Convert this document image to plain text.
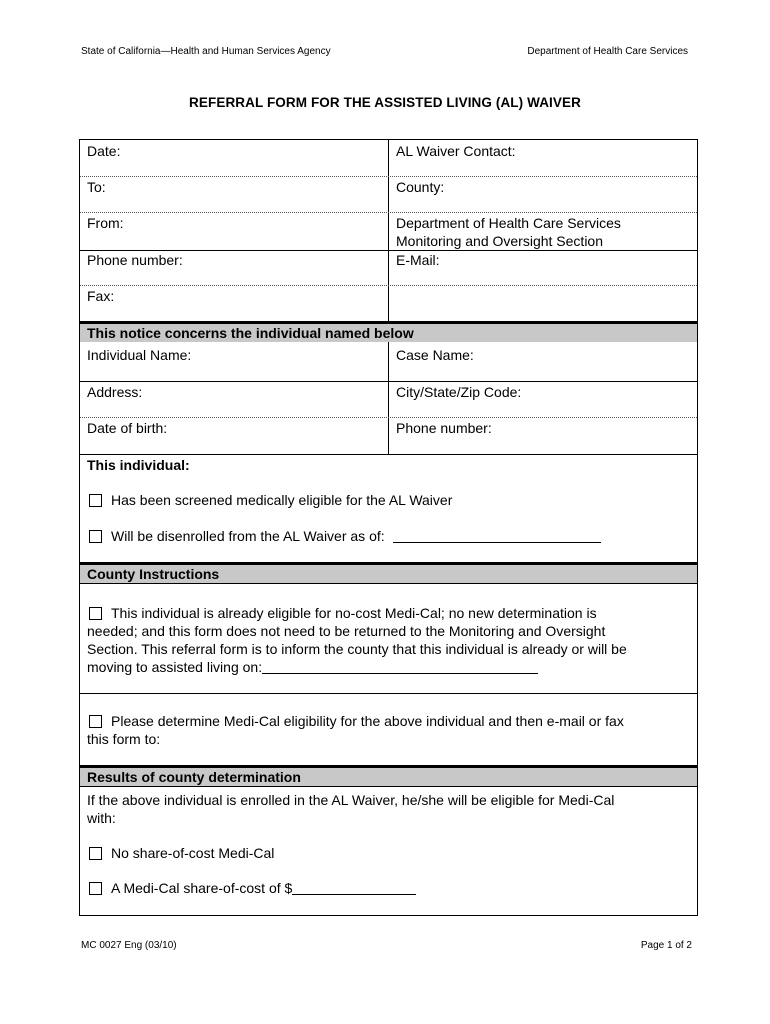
State of California—Health and Human Services Agency	Department of Health Care Services
REFERRAL FORM FOR THE ASSISTED LIVING (AL) WAIVER
Date:	AL Waiver Contact:
To:	County:
From:	Department of Health Care Services
Monitoring and Oversight Section
Phone number:	E-Mail:
Fax:
This notice concerns the individual named below
Individual Name:	Case Name:
Address:	City/State/Zip Code:
Date of birth:	Phone number:
This individual:
Has been screened medically eligible for the AL Waiver
Will be disenrolled from the AL Waiver as of:
County Instructions
This individual is already eligible for no-cost Medi-Cal; no new determination is
needed; and this form does not need to be returned to the Monitoring and Oversight
Section. This referral form is to inform the county that this individual is already or will be
moving to assisted living on:
Please determine Medi-Cal eligibility for the above individual and then e-mail or fax
this form to:
Results of county determination
If the above individual is enrolled in the AL Waiver, he/she will be eligible for Medi-Cal
with:
No share-of-cost Medi-Cal
A Medi-Cal share-of-cost of $
MC 0027 Eng (03/10)	Page 1 of 2
